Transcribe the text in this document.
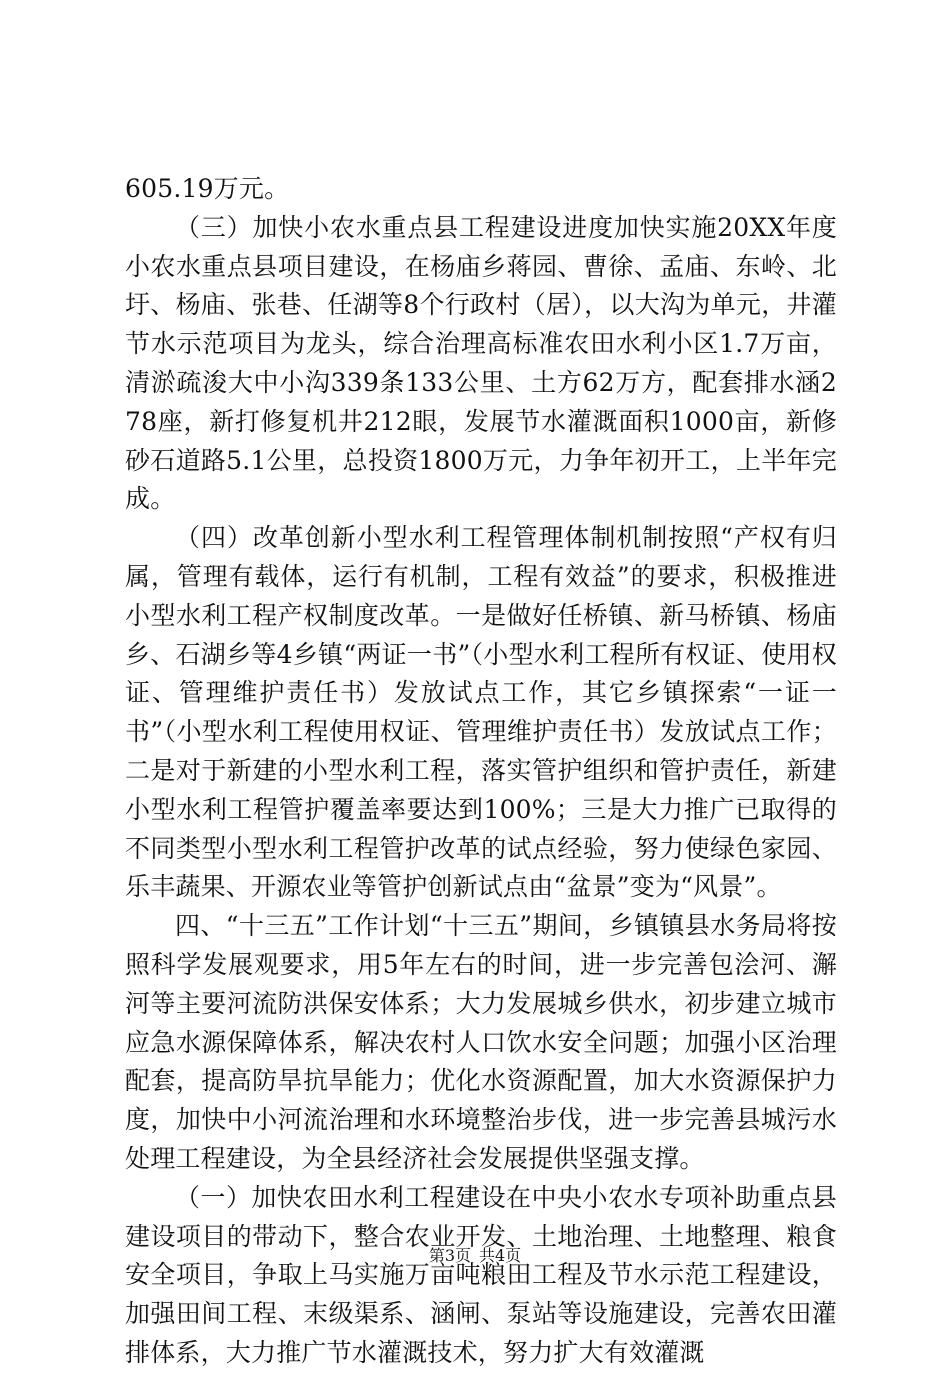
605.19万元。

（三）加快小农水重点县工程建设进度加快实施20XX年度小农水重点县项目建设，在杨庙乡蒋园、曹徐、孟庙、东岭、北圩、杨庙、张巷、任湖等8个行政村（居），以大沟为单元，井灌节水示范项目为龙头，综合治理高标准农田水利小区1.7万亩，清淤疏浚大中小沟339条133公里、土方62万方，配套排水涵278座，新打修复机井212眼，发展节水灌溉面积1000亩，新修砂石道路5.1公里，总投资1800万元，力争年初开工，上半年完成。

（四）改革创新小型水利工程管理体制机制按照“产权有归属，管理有载体，运行有机制，工程有效益”的要求，积极推进小型水利工程产权制度改革。一是做好任桥镇、新马桥镇、杨庙乡、石湖乡等4乡镇“两证一书”（小型水利工程所有权证、使用权证、管理维护责任书）发放试点工作，其它乡镇探索“一证一书”（小型水利工程使用权证、管理维护责任书）发放试点工作；二是对于新建的小型水利工程，落实管护组织和管护责任，新建小型水利工程管护覆盖率要达到100%；三是大力推广已取得的不同类型小型水利工程管护改革的试点经验，努力使绿色家园、乐丰蔬果、开源农业等管护创新试点由“盆景”变为“风景”。

四、“十三五”工作计划“十三五”期间，乡镇镇县水务局将按照科学发展观要求，用5年左右的时间，进一步完善包浍河、澥河等主要河流防洪保安体系；大力发展城乡供水，初步建立城市应急水源保障体系，解决农村人口饮水安全问题；加强小区治理配套，提高防旱抗旱能力；优化水资源配置，加大水资源保护力度，加快中小河流治理和水环境整治步伐，进一步完善县城污水处理工程建设，为全县经济社会发展提供坚强支撑。

（一）加快农田水利工程建设在中央小农水专项补助重点县建设项目的带动下，整合农业开发、土地治理、土地整理、粮食安全项目，争取上马实施万亩吨粮田工程及节水示范工程建设，加强田间工程、末级渠系、涵闸、泵站等设施建设，完善农田灌排体系，大力推广节水灌溉技术，努力扩大有效灌溉

第3页 共4页
